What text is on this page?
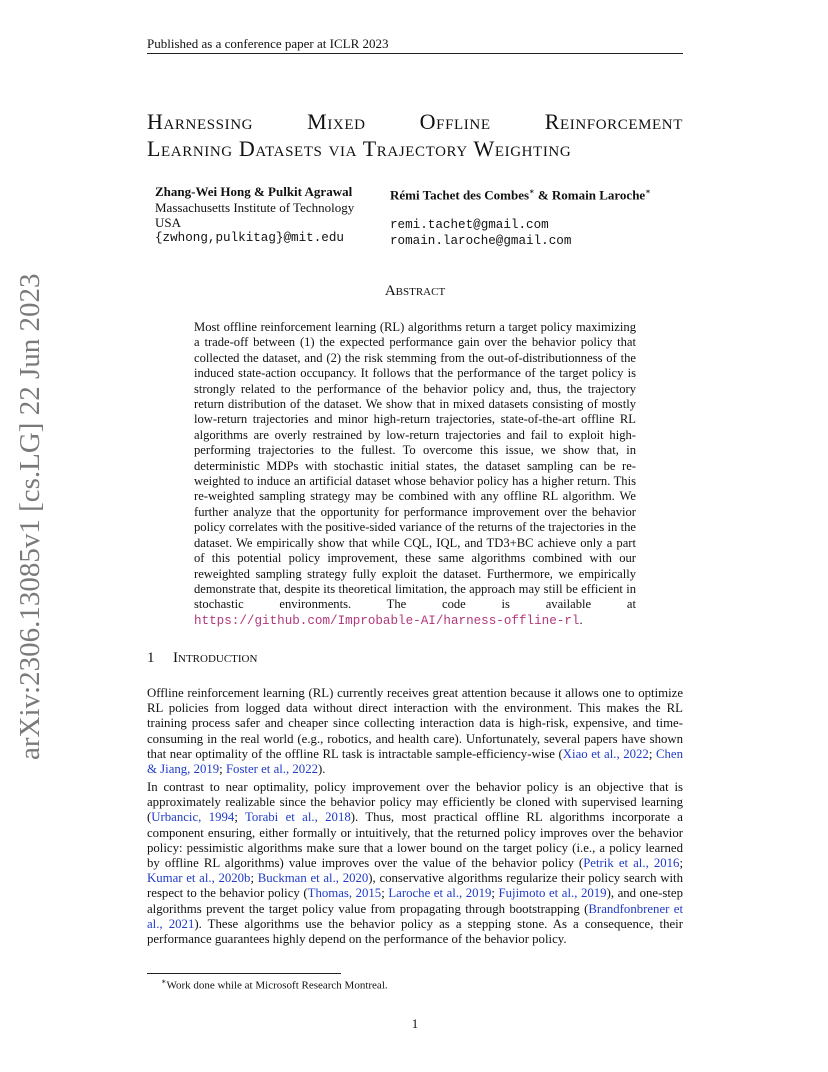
arXiv:2306.13085v1 [cs.LG] 22 Jun 2023
Published as a conference paper at ICLR 2023
Harnessing Mixed Offline Reinforcement
Learning Datasets via Trajectory Weighting
Zhang-Wei Hong & Pulkit Agrawal
Massachusetts Institute of Technology
USA
{zwhong,pulkitag}@mit.edu
Rémi Tachet des Combes∗ & Romain Laroche∗
remi.tachet@gmail.com
romain.laroche@gmail.com
Abstract
Most offline reinforcement learning (RL) algorithms return a target policy maximizing a trade-off between (1) the expected performance gain over the behavior policy that collected the dataset, and (2) the risk stemming from the out-of-distributionness of the induced state-action occupancy. It follows that the performance of the target policy is strongly related to the performance of the behavior policy and, thus, the trajectory return distribution of the dataset. We show that in mixed datasets consisting of mostly low-return trajectories and minor high-return trajectories, state-of-the-art offline RL algorithms are overly restrained by low-return trajectories and fail to exploit high-performing trajectories to the fullest. To overcome this issue, we show that, in deterministic MDPs with stochastic initial states, the dataset sampling can be re-weighted to induce an artificial dataset whose behavior policy has a higher return. This re-weighted sampling strategy may be combined with any offline RL algorithm. We further analyze that the opportunity for performance improvement over the behavior policy correlates with the positive-sided variance of the returns of the trajectories in the dataset. We empirically show that while CQL, IQL, and TD3+BC achieve only a part of this potential policy improvement, these same algorithms combined with our reweighted sampling strategy fully exploit the dataset. Furthermore, we empirically demonstrate that, despite its theoretical limitation, the approach may still be efficient in stochastic environments. The code is available at https://github.com/Improbable-AI/harness-offline-rl.
1 Introduction

Offline reinforcement learning (RL) currently receives great attention because it allows one to optimize RL policies from logged data without direct interaction with the environment. This makes the RL training process safer and cheaper since collecting interaction data is high-risk, expensive, and time-consuming in the real world (e.g., robotics, and health care). Unfortunately, several papers have shown that near optimality of the offline RL task is intractable sample-efficiency-wise (Xiao et al., 2022; Chen & Jiang, 2019; Foster et al., 2022).

In contrast to near optimality, policy improvement over the behavior policy is an objective that is approximately realizable since the behavior policy may efficiently be cloned with supervised learning (Urbancic, 1994; Torabi et al., 2018). Thus, most practical offline RL algorithms incorporate a component ensuring, either formally or intuitively, that the returned policy improves over the behavior policy: pessimistic algorithms make sure that a lower bound on the target policy (i.e., a policy learned by offline RL algorithms) value improves over the value of the behavior policy (Petrik et al., 2016; Kumar et al., 2020b; Buckman et al., 2020), conservative algorithms regularize their policy search with respect to the behavior policy (Thomas, 2015; Laroche et al., 2019; Fujimoto et al., 2019), and one-step algorithms prevent the target policy value from propagating through bootstrapping (Brandfonbrener et al., 2021). These algorithms use the behavior policy as a stepping stone. As a consequence, their performance guarantees highly depend on the performance of the behavior policy.

∗Work done while at Microsoft Research Montreal.
1
